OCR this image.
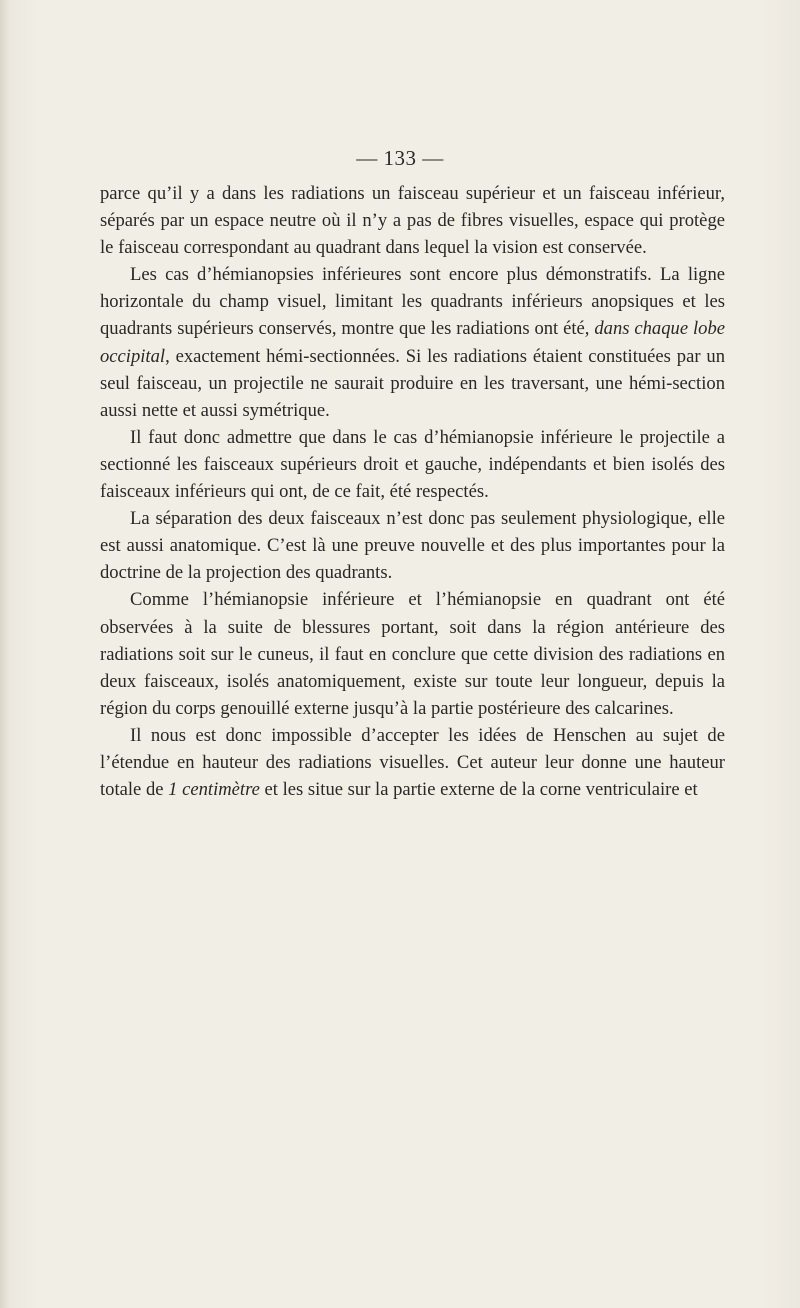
— 133 —

parce qu’il y a dans les radiations un faisceau supérieur et un faisceau inférieur, séparés par un espace neutre où il n’y a pas de fibres visuelles, espace qui protège le faisceau correspondant au quadrant dans lequel la vision est conservée.

Les cas d’hémianopsies inférieures sont encore plus démonstratifs. La ligne horizontale du champ visuel, limitant les quadrants inférieurs anopsiques et les quadrants supérieurs conservés, montre que les radiations ont été, dans chaque lobe occipital, exactement hémi-sectionnées. Si les radiations étaient constituées par un seul faisceau, un projectile ne saurait produire en les traversant, une hémi-section aussi nette et aussi symétrique.

Il faut donc admettre que dans le cas d’hémianopsie inférieure le projectile a sectionné les faisceaux supérieurs droit et gauche, indépendants et bien isolés des faisceaux inférieurs qui ont, de ce fait, été respectés.

La séparation des deux faisceaux n’est donc pas seulement physiologique, elle est aussi anatomique. C’est là une preuve nouvelle et des plus importantes pour la doctrine de la projection des quadrants.

Comme l’hémianopsie inférieure et l’hémianopsie en quadrant ont été observées à la suite de blessures portant, soit dans la région antérieure des radiations soit sur le cuneus, il faut en conclure que cette division des radiations en deux faisceaux, isolés anatomiquement, existe sur toute leur longueur, depuis la région du corps genouillé externe jusqu’à la partie postérieure des calcarines.

Il nous est donc impossible d’accepter les idées de Henschen au sujet de l’étendue en hauteur des radiations visuelles. Cet auteur leur donne une hauteur totale de 1 centimètre et les situe sur la partie externe de la corne ventriculaire et
